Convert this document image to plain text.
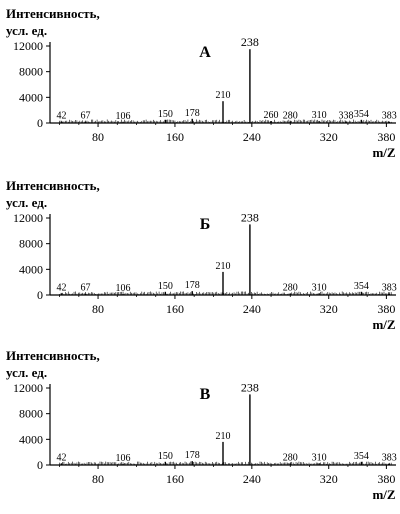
Интенсивность,
усл. ед.
0
4000
8000
12000
80	160	240	320	380
42 67 106	150 178
210
238
260 280 310 338 354 383
А
m/Z
Интенсивность,
усл. ед.
0
4000
8000
12000
80	160	240	320	380
42 67 106	150 178
210
238
280 310	354 383
Б
m/Z
Интенсивность,
усл. ед.
0
4000
8000
12000
80	160	240	320	380
42	106	150 178
210
238
280 310	354 383
В
m/Z
